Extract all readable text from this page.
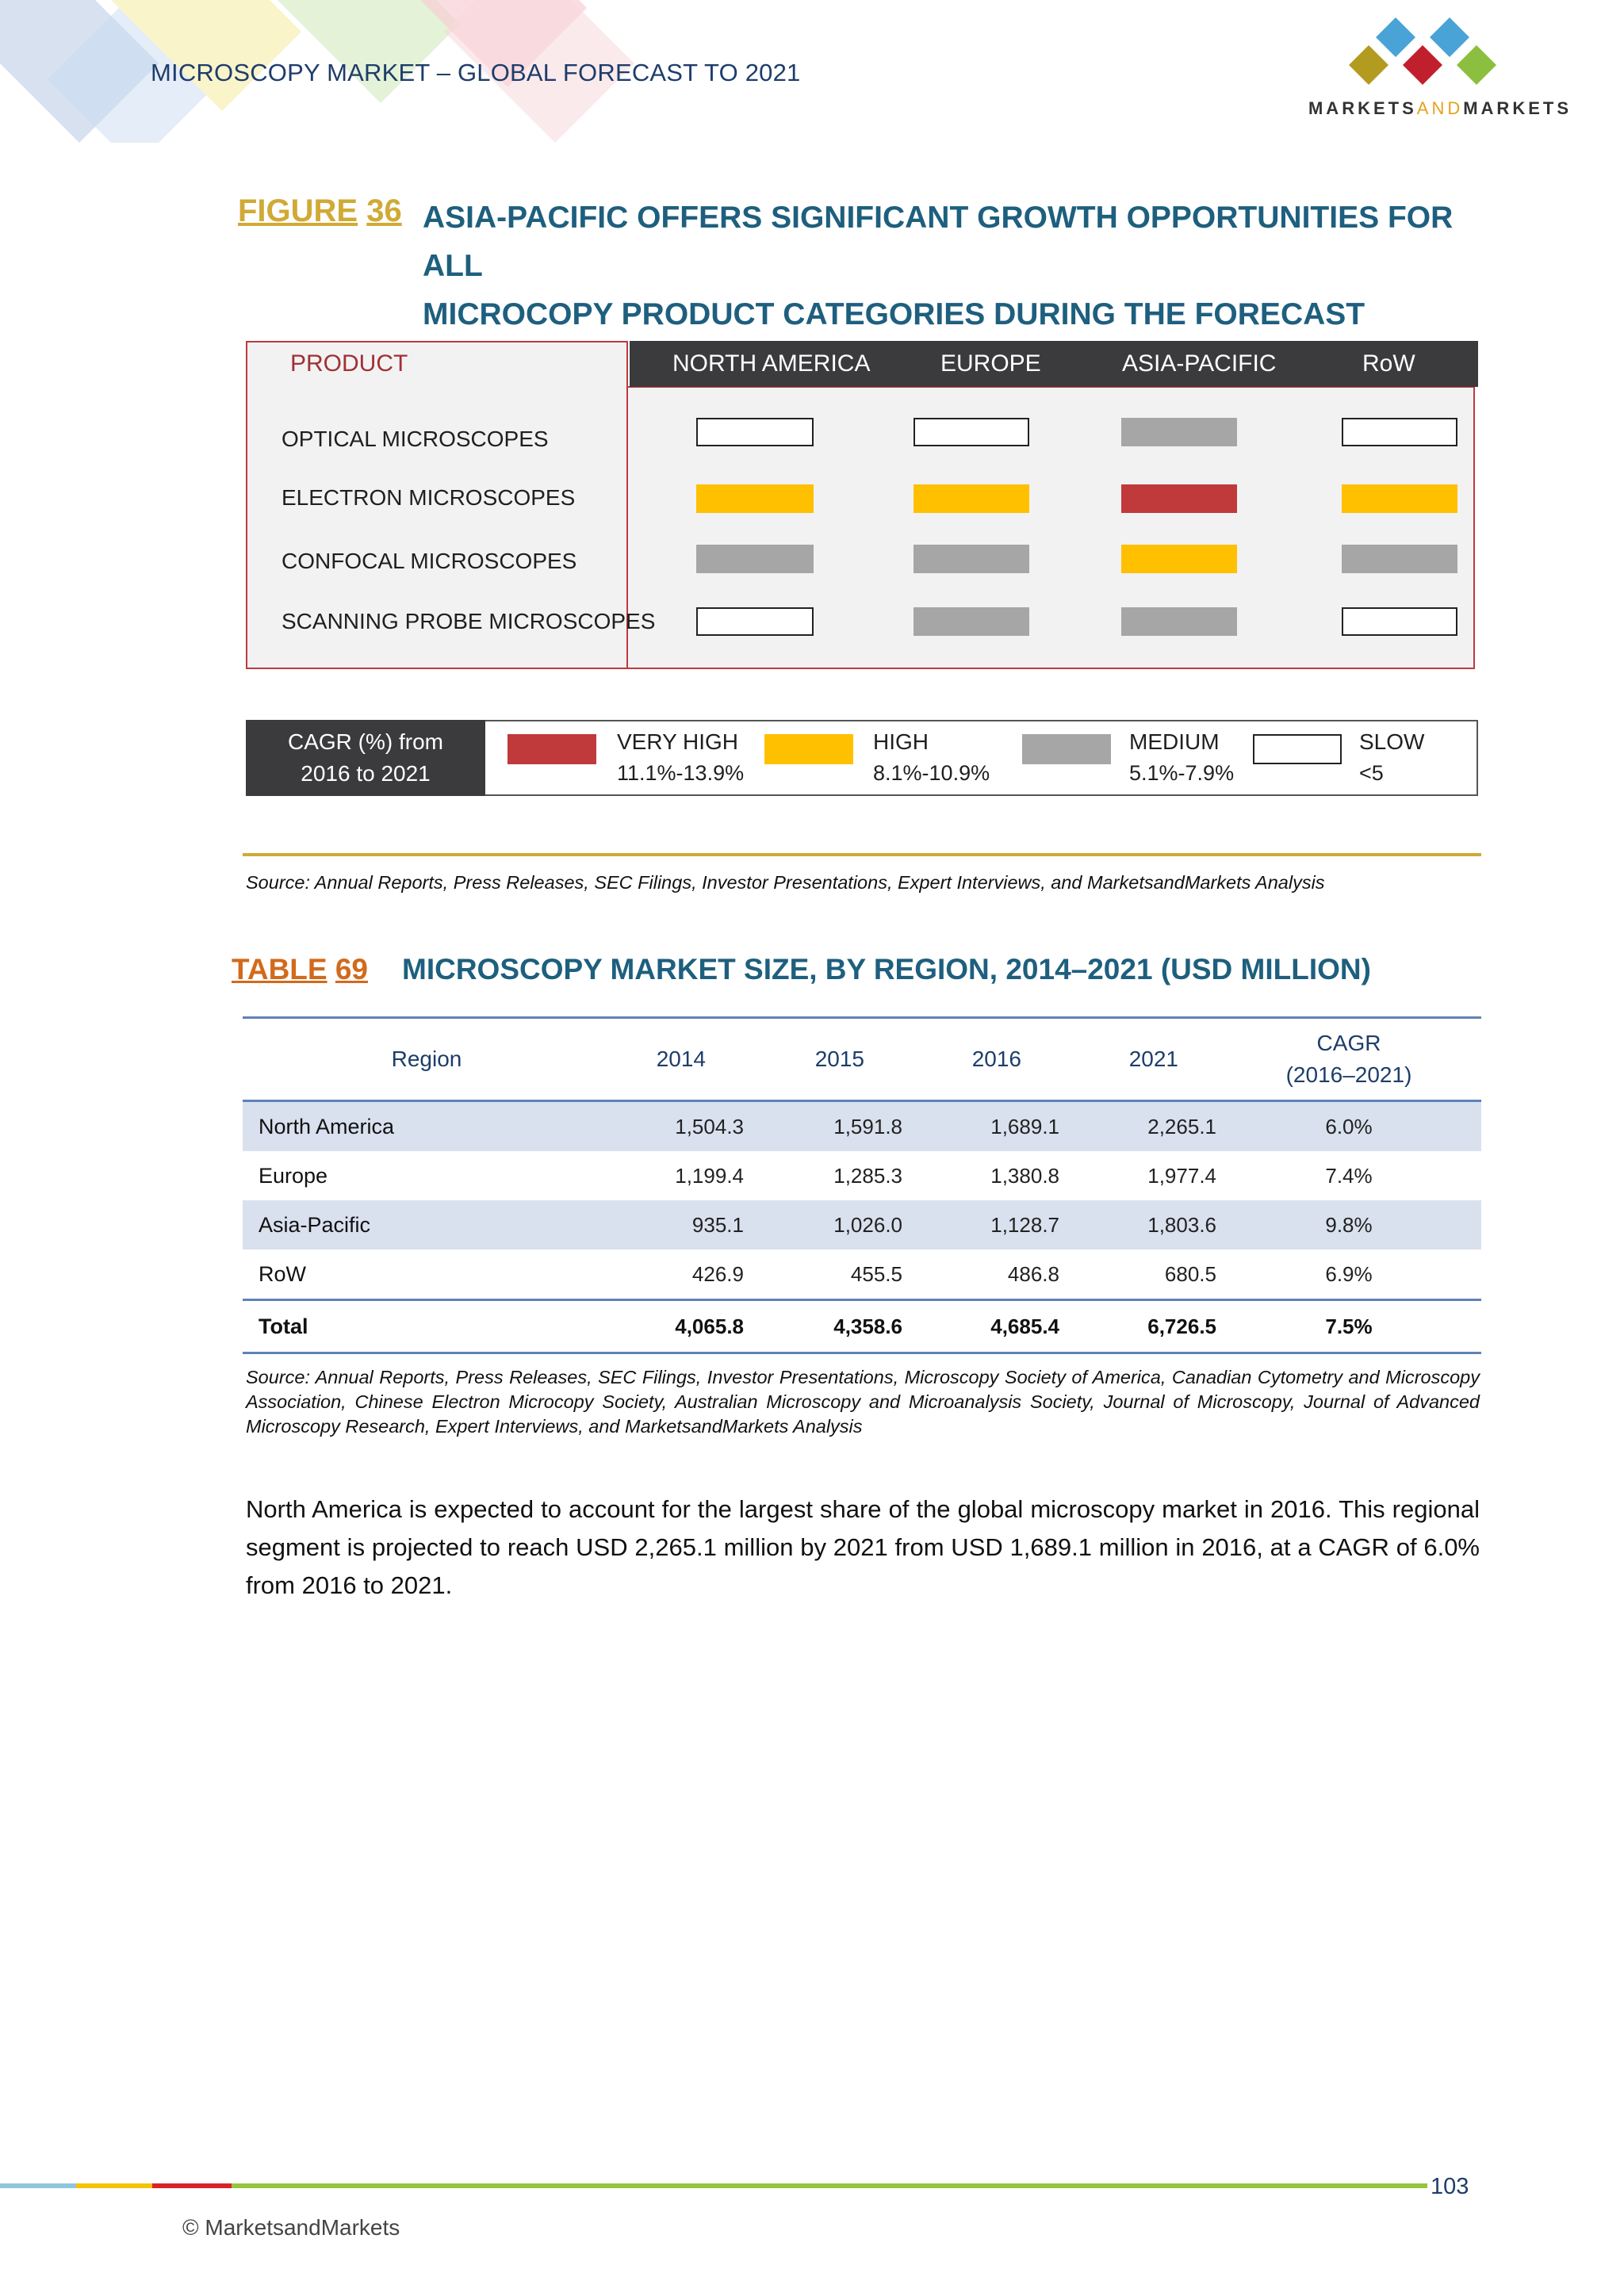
MICROSCOPY MARKET – GLOBAL FORECAST TO 2021
MARKETSANDMARKETS
FIGURE 36 ASIA-PACIFIC OFFERS SIGNIFICANT GROWTH OPPORTUNITIES FOR ALL
MICROCOPY PRODUCT CATEGORIES DURING THE FORECAST
PRODUCT	NORTH AMERICA	EUROPE	ASIA-PACIFIC	RoW
OPTICAL MICROSCOPES
ELECTRON MICROSCOPES
CONFOCAL MICROSCOPES
SCANNING PROBE MICROSCOPES
CAGR (%) from
2016 to 2021
VERY HIGH
11.1%-13.9%
HIGH
8.1%-10.9%
MEDIUM
5.1%-7.9%
SLOW
<5
Source: Annual Reports, Press Releases, SEC Filings, Investor Presentations, Expert Interviews, and MarketsandMarkets Analysis
TABLE 69 MICROSCOPY MARKET SIZE, BY REGION, 2014–2021 (USD MILLION)
Region	2014	2015	2016	2021	CAGR
(2016–2021)

North America	1,504.3	1,591.8	1,689.1	2,265.1	6.0%
Europe	1,199.4	1,285.3	1,380.8	1,977.4	7.4%
Asia-Pacific	935.1	1,026.0	1,128.7	1,803.6	9.8%
RoW	426.9	455.5	486.8	680.5	6.9%
Total	4,065.8	4,358.6	4,685.4	6,726.5	7.5%
Source: Annual Reports, Press Releases, SEC Filings, Investor Presentations, Microscopy Society of America, Canadian Cytometry and Microscopy Association, Chinese Electron Microcopy Society, Australian Microscopy and Microanalysis Society, Journal of Microscopy, Journal of Advanced Microscopy Research, Expert Interviews, and MarketsandMarkets Analysis
North America is expected to account for the largest share of the global microscopy market in 2016. This regional segment is projected to reach USD 2,265.1 million by 2021 from USD 1,689.1 million in 2016, at a CAGR of 6.0% from 2016 to 2021.
103
© MarketsandMarkets
